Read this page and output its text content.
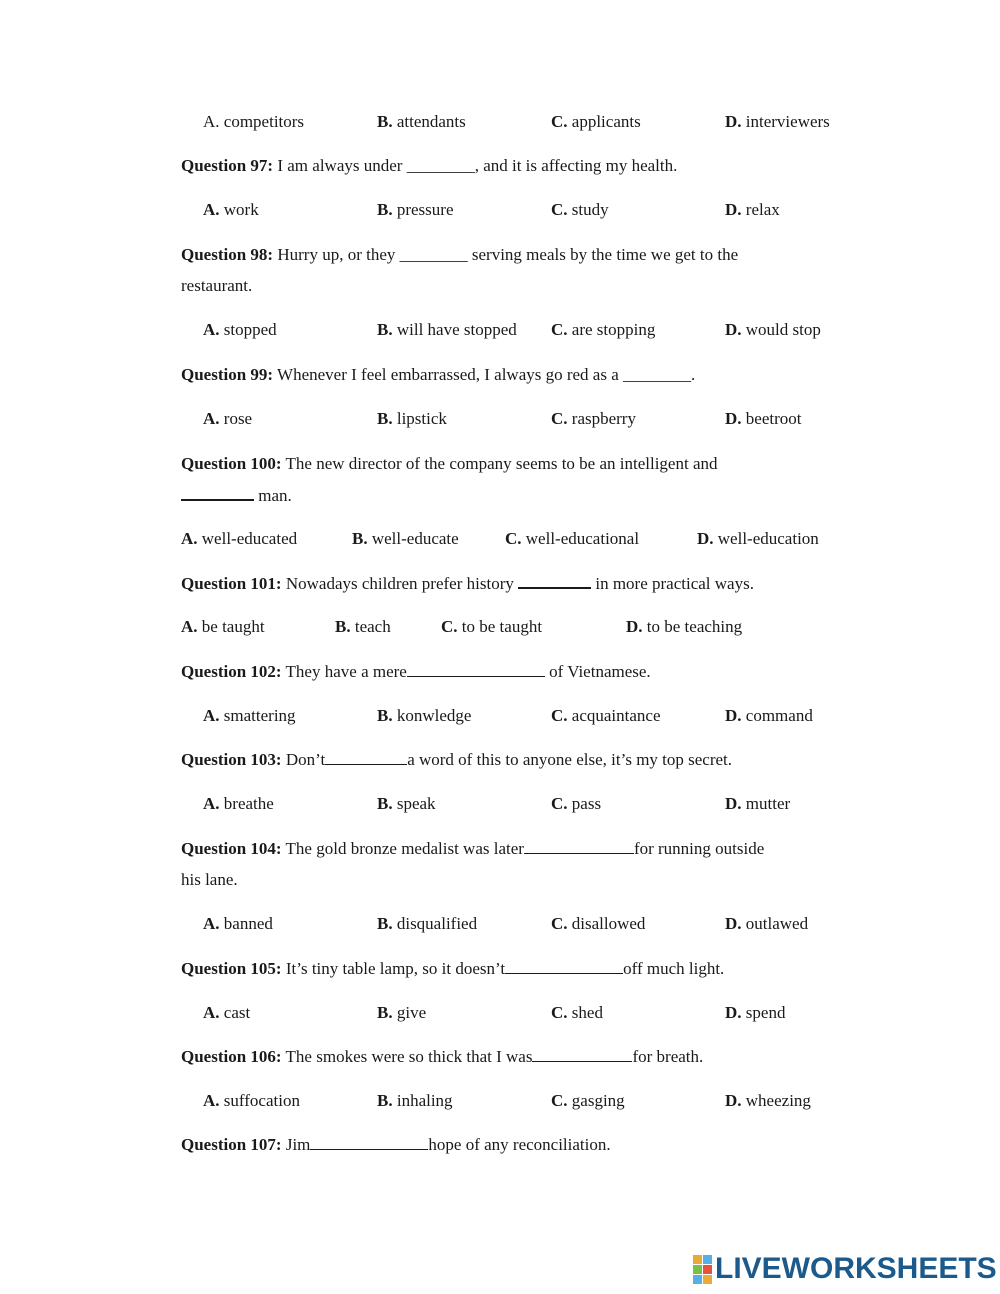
A. competitors	B. attendants	C. applicants	D. interviewers
Question 97: I am always under ________, and it is affecting my health.
A. work	B. pressure	C. study	D. relax
Question 98: Hurry up, or they ________ serving meals by the time we get to the
restaurant.
A. stopped	B. will have stopped C. are stopping	D. would stop
Question 99: Whenever I feel embarrassed, I always go red as a ________.
A. rose	B. lipstick	C. raspberry	D. beetroot
Question 100: The new director of the company seems to be an intelligent and
man.
A. well-educated	B. well-educate	C. well-educational	D. well-education
Question 101: Nowadays children prefer history	in more practical ways.
A. be taught	B. teach	C. to be taught	D. to be teaching
Question 102: They have a mere	of Vietnamese.
A. smattering	B. konwledge	C. acquaintance	D. command
Question 103: Don’t	a word of this to anyone else, it’s my top secret.
A. breathe	B. speak	C. pass	D. mutter
Question 104: The gold bronze medalist was later	for running outside
his lane.
A. banned	B. disqualified	C. disallowed	D. outlawed
Question 105: It’s tiny table lamp, so it doesn’t	off much light.
A. cast	B. give	C. shed	D. spend
Question 106: The smokes were so thick that I was	for breath.
A. suffocation	B. inhaling	C. gasging	D. wheezing
Question 107: Jim	hope of any reconciliation.
LIVEWORKSHEETS
